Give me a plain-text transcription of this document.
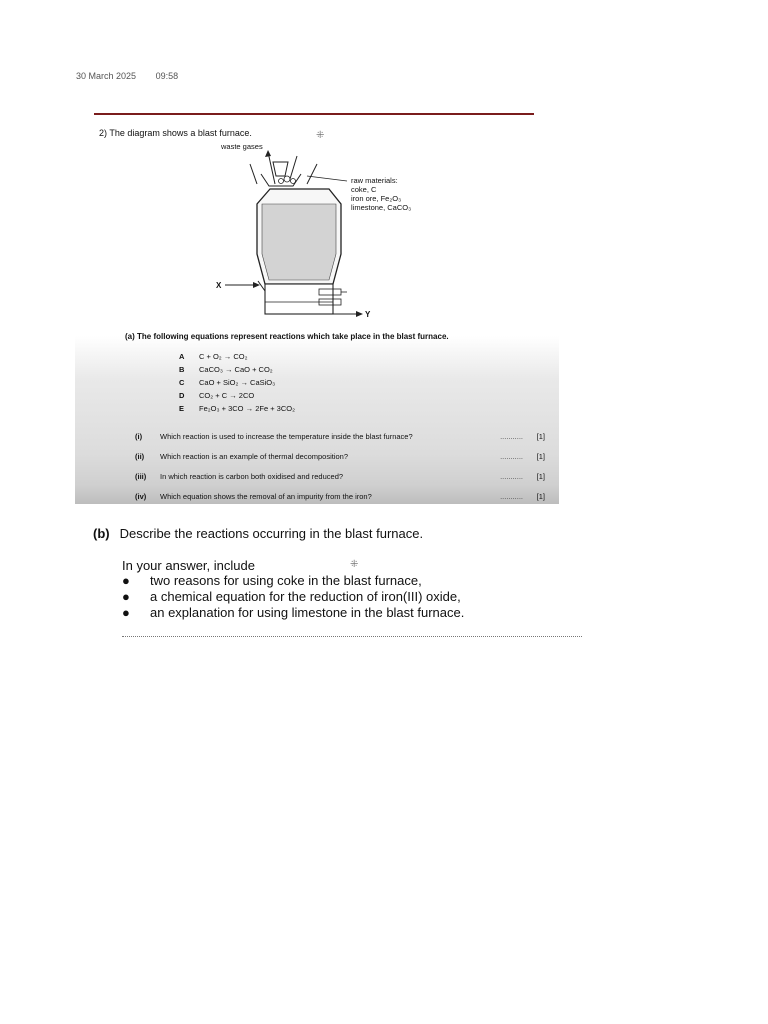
30 March 2025 09:58
2) The diagram shows a blast furnace.
waste gases
raw materials:
coke, C
iron ore, Fe₂O₃
limestone, CaCO₃
X
Y
(a) The following equations represent reactions which take place in the blast furnace.
A	C + O₂ → CO₂
B	CaCO₃ → CaO + CO₂
C	CaO + SiO₂ → CaSiO₃
D	CO₂ + C → 2CO
E	Fe₂O₃ + 3CO → 2Fe + 3CO₂
(i)	Which reaction is used to increase the temperature inside the blast furnace?	...........	[1]
(ii)	Which reaction is an example of thermal decomposition?	...........	[1]
(iii)	In which reaction is carbon both oxidised and reduced?	...........	[1]
(iv)	Which equation shows the removal of an impurity from the iron?	...........	[1]
⁜
(b) Describe the reactions occurring in the blast furnace.
In your answer, include	⁜
● two reasons for using coke in the blast furnace,
● a chemical equation for the reduction of iron(III) oxide,
● an explanation for using limestone in the blast furnace.
